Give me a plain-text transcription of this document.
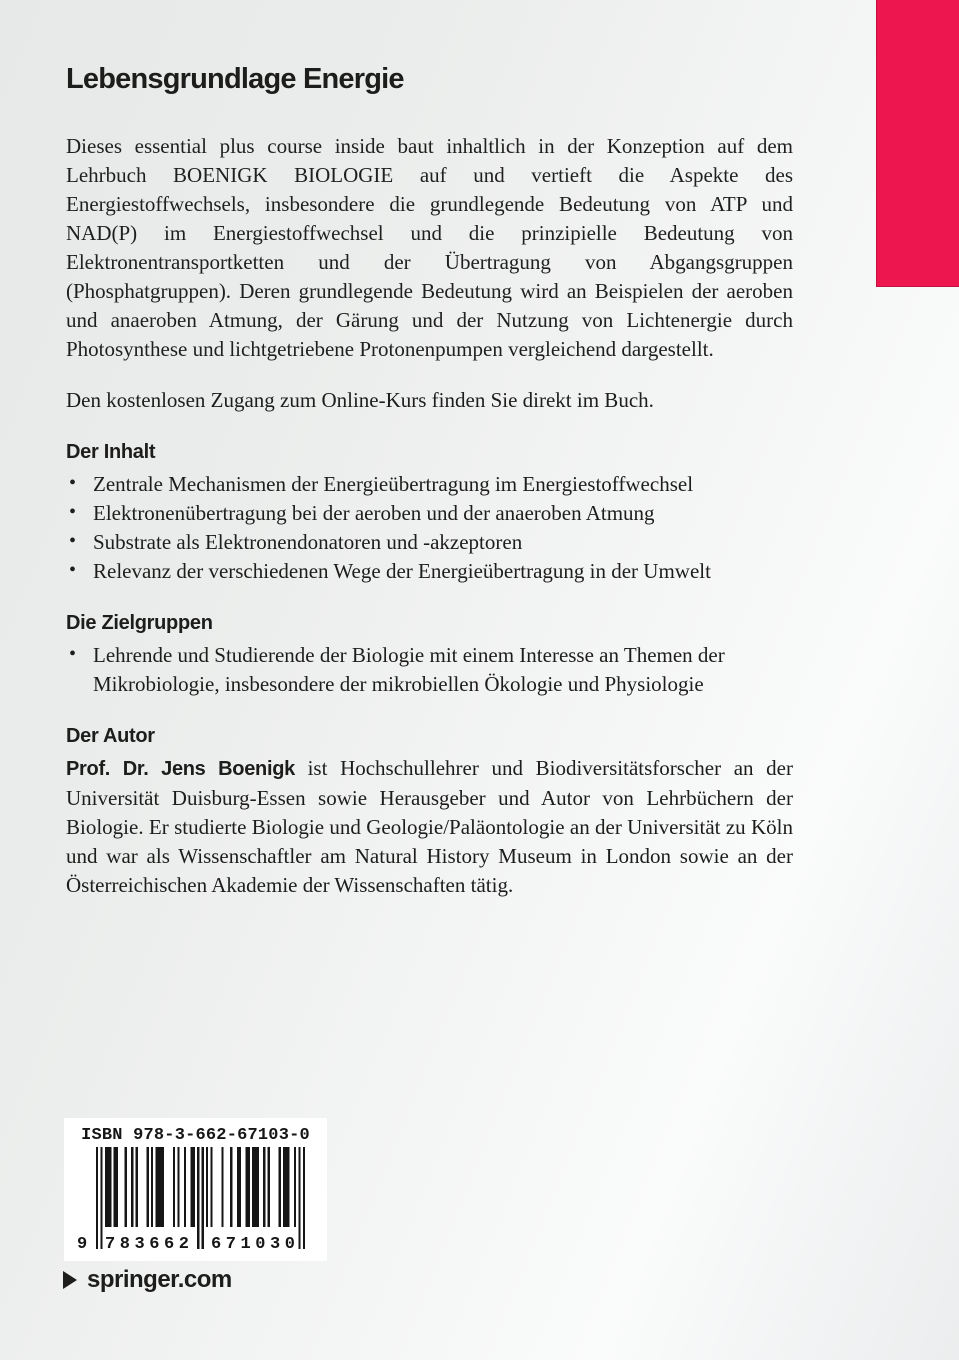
Lebensgrundlage Energie

Dieses essential plus course inside baut inhaltlich in der Konzeption auf dem Lehrbuch BOENIGK BIOLOGIE auf und vertieft die Aspekte des Energiestoffwechsels, insbesondere die grundlegende Bedeutung von ATP und NAD(P) im Energiestoffwechsel und die prinzipielle Bedeutung von Elektronentransportketten und der Übertragung von Abgangsgruppen (Phosphatgruppen). Deren grundlegende Bedeutung wird an Beispielen der aeroben und anaeroben Atmung, der Gärung und der Nutzung von Lichtenergie durch Photosynthese und lichtgetriebene Protonenpumpen vergleichend dargestellt.

Den kostenlosen Zugang zum Online-Kurs finden Sie direkt im Buch.

Der Inhalt
• Zentrale Mechanismen der Energieübertragung im Energiestoffwechsel
• Elektronenübertragung bei der aeroben und der anaeroben Atmung
• Substrate als Elektronendonatoren und -akzeptoren
• Relevanz der verschiedenen Wege der Energieübertragung in der Umwelt
Die Zielgruppen
• Lehrende und Studierende der Biologie mit einem Interesse an Themen der Mikrobiologie, insbesondere der mikrobiellen Ökologie und Physiologie
Der Autor

Prof. Dr. Jens Boenigk ist Hochschullehrer und Biodiversitätsforscher an der Universität Duisburg-Essen sowie Herausgeber und Autor von Lehrbüchern der Biologie. Er studierte Biologie und Geologie/Paläontologie an der Universität zu Köln und war als Wissenschaftler am Natural History Museum in London sowie an der Österreichischen Akademie der Wissenschaften tätig.

ISBN 978-3-662-67103-0
9 783662 671030
springer.com
